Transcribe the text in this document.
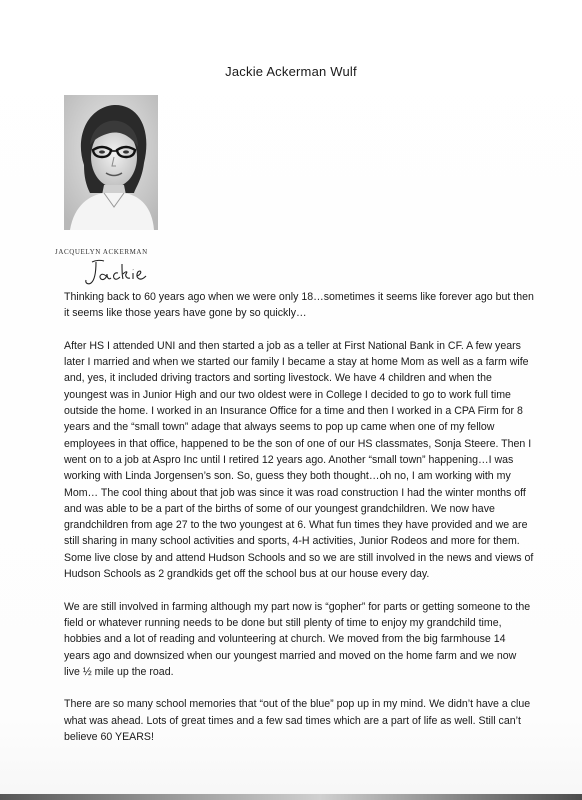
Jackie Ackerman Wulf
JACQUELYN ACKERMAN

Thinking back to 60 years ago when we were only 18…sometimes it seems like forever ago but then it seems like those years have gone by so quickly…

After HS I attended UNI and then started a job as a teller at First National Bank in CF. A few years later I married and when we started our family I became a stay at home Mom as well as a farm wife and, yes, it included driving tractors and sorting livestock. We have 4 children and when the youngest was in Junior High and our two oldest were in College I decided to go to work full time outside the home. I worked in an Insurance Office for a time and then I worked in a CPA Firm for 8 years and the “small town” adage that always seems to pop up came when one of my fellow employees in that office, happened to be the son of one of our HS classmates, Sonja Steere. Then I went on to a job at Aspro Inc until I retired 12 years ago. Another “small town” happening…I was working with Linda Jorgensen’s son. So, guess they both thought…oh no, I am working with my Mom… The cool thing about that job was since it was road construction I had the winter months off and was able to be a part of the births of some of our youngest grandchildren. We now have grandchildren from age 27 to the two youngest at 6. What fun times they have provided and we are still sharing in many school activities and sports, 4-H activities, Junior Rodeos and more for them. Some live close by and attend Hudson Schools and so we are still involved in the news and views of Hudson Schools as 2 grandkids get off the school bus at our house every day.

We are still involved in farming although my part now is “gopher” for parts or getting someone to the field or whatever running needs to be done but still plenty of time to enjoy my grandchild time, hobbies and a lot of reading and volunteering at church. We moved from the big farmhouse 14 years ago and downsized when our youngest married and moved on the home farm and we now live ½ mile up the road.

There are so many school memories that “out of the blue” pop up in my mind. We didn’t have a clue what was ahead. Lots of great times and a few sad times which are a part of life as well. Still can’t believe 60 YEARS!
